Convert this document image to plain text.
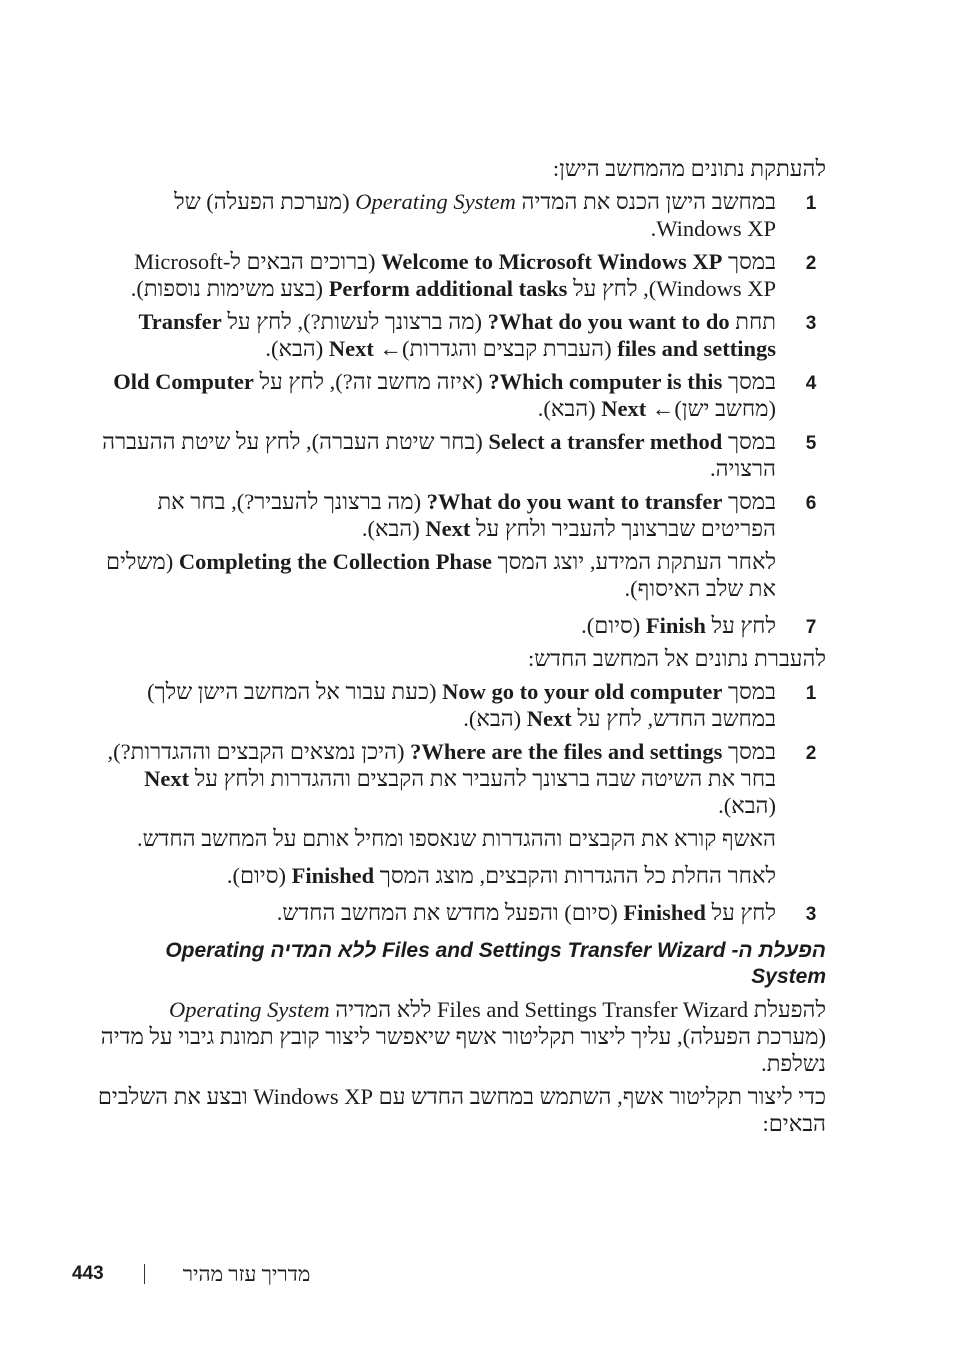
להעתקת נתונים מהמחשב הישן:

1

במחשב הישן הכנס את המדיה Operating System (מערכת הפעלה) של Windows XP.

2

במסך Welcome to Microsoft Windows XP (ברוכים הבאים ל-Microsoft Windows XP), לחץ על Perform additional tasks (בצע משימות נוספות).

3

תחת What do you want to do? (מה ברצונך לעשות?), לחץ על Transfer files and settings (העברת קבצים והגדרות)← Next (הבא).

4

במסך Which computer is this? (איזה מחשב זה?), לחץ על Old Computer (מחשב ישן)← Next (הבא).

5

במסך Select a transfer method (בחר שיטת העברה), לחץ על שיטת ההעברה הרצויה.

6

במסך What do you want to transfer? (מה ברצונך להעביר?), בחר את הפריטים שברצונך להעביר ולחץ על Next (הבא).

לאחר העתקת המידע, יוצג המסך Completing the Collection Phase (משלים את שלב האיסוף).

7

לחץ על Finish (סיום).

להעברת נתונים אל המחשב החדש:

1

במסך Now go to your old computer (כעת עבור אל המחשב הישן שלך) במחשב החדש, לחץ על Next (הבא).

2

במסך Where are the files and settings? (היכן נמצאים הקבצים וההגדרות?), בחר את השיטה שבה ברצונך להעביר את הקבצים וההגדרות ולחץ על Next (הבא).

האשף קורא את הקבצים וההגדרות שנאספו ומחיל אותם על המחשב החדש.

לאחר החלת כל ההגדרות והקבצים, מוצג המסך Finished (סיום).

3

לחץ על Finished (סיום) והפעל מחדש את המחשב החדש.

הפעלת ה- Files and Settings Transfer Wizard ללא המדיה Operating System

להפעלת Files and Settings Transfer Wizard ללא המדיה Operating System (מערכת הפעלה), עליך ליצור תקליטור אשף שיאפשר ליצור קובץ תמונת גיבוי על מדיה נשלפת.

כדי ליצור תקליטור אשף, השתמש במחשב החדש עם Windows XP ובצע את השלבים הבאים:

443	מדריך עזר מהיר
